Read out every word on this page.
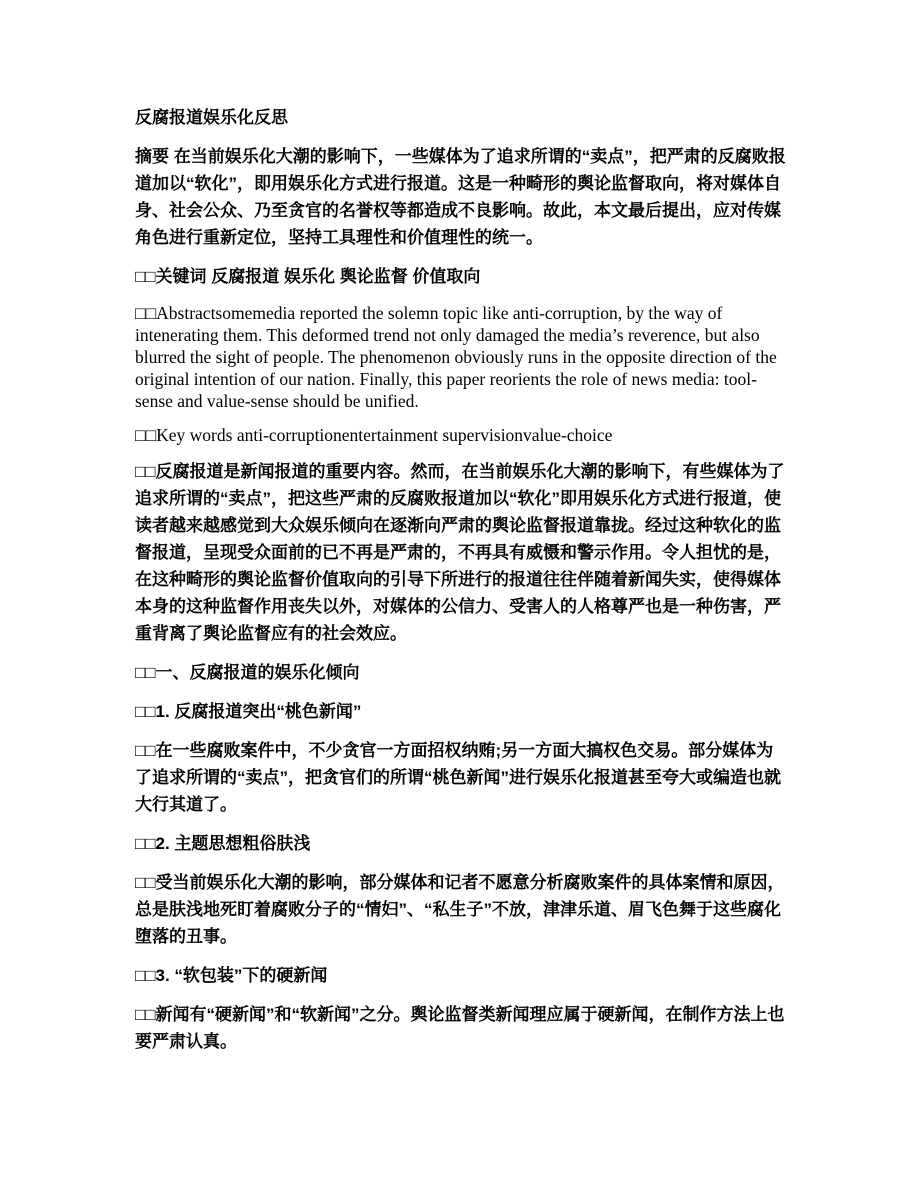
反腐报道娱乐化反思

摘要 在当前娱乐化大潮的影响下，一些媒体为了追求所谓的“卖点”，把严肃的反腐败报道加以“软化”，即用娱乐化方式进行报道。这是一种畸形的舆论监督取向，将对媒体自身、社会公众、乃至贪官的名誉权等都造成不良影响。故此，本文最后提出，应对传媒角色进行重新定位，坚持工具理性和价值理性的统一。

□□关键词 反腐报道 娱乐化 舆论监督 价值取向

□□Abstractsomemedia reported the solemn topic like anti-corruption, by the way of intenerating them. This deformed trend not only damaged the media’s reverence, but also blurred the sight of people. The phenomenon obviously runs in the opposite direction of the original intention of our nation. Finally, this paper reorients the role of news media: tool-sense and value-sense should be unified.

□□Key words anti-corruptionentertainment supervisionvalue-choice

□□反腐报道是新闻报道的重要内容。然而，在当前娱乐化大潮的影响下，有些媒体为了追求所谓的“卖点”，把这些严肃的反腐败报道加以“软化”即用娱乐化方式进行报道，使读者越来越感觉到大众娱乐倾向在逐渐向严肃的舆论监督报道靠拢。经过这种软化的监督报道，呈现受众面前的已不再是严肃的，不再具有威慑和警示作用。令人担忧的是，在这种畸形的舆论监督价值取向的引导下所进行的报道往往伴随着新闻失实，使得媒体本身的这种监督作用丧失以外，对媒体的公信力、受害人的人格尊严也是一种伤害，严重背离了舆论监督应有的社会效应。

□□一、反腐报道的娱乐化倾向

□□1. 反腐报道突出“桃色新闻”

□□在一些腐败案件中，不少贪官一方面招权纳贿;另一方面大搞权色交易。部分媒体为了追求所谓的“卖点”，把贪官们的所谓“桃色新闻”进行娱乐化报道甚至夸大或编造也就大行其道了。

□□2. 主题思想粗俗肤浅

□□受当前娱乐化大潮的影响，部分媒体和记者不愿意分析腐败案件的具体案情和原因，总是肤浅地死盯着腐败分子的“情妇”、“私生子”不放，津津乐道、眉飞色舞于这些腐化堕落的丑事。

□□3. “软包装”下的硬新闻

□□新闻有“硬新闻”和“软新闻”之分。舆论监督类新闻理应属于硬新闻，在制作方法上也要严肃认真。
